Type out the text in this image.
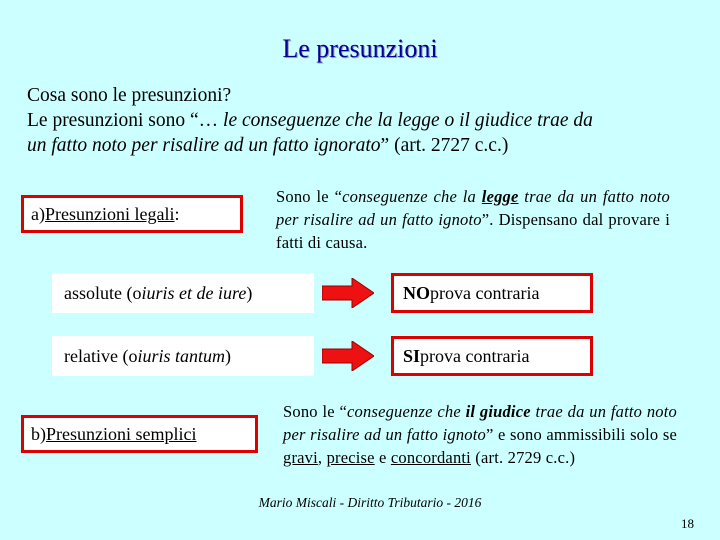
Le presunzioni
Cosa sono le presunzioni?
Le presunzioni sono “… le conseguenze che la legge o il giudice trae da
un fatto noto per risalire ad un fatto ignorato” (art. 2727 c.c.)
a) Presunzioni legali :
Sono le “conseguenze che la legge trae da un fatto noto per risalire ad un fatto ignoto”. Dispensano dal provare i fatti di causa.
assolute (o iuris et de iure )	NO prova contraria
relative (o iuris tantum )	SI prova contraria
b) Presunzioni semplici
Sono le “conseguenze che il giudice trae da un fatto noto per risalire ad un fatto ignoto” e sono ammissibili solo se gravi, precise e concordanti (art. 2729 c.c.)
Mario Miscali - Diritto Tributario - 2016
18
